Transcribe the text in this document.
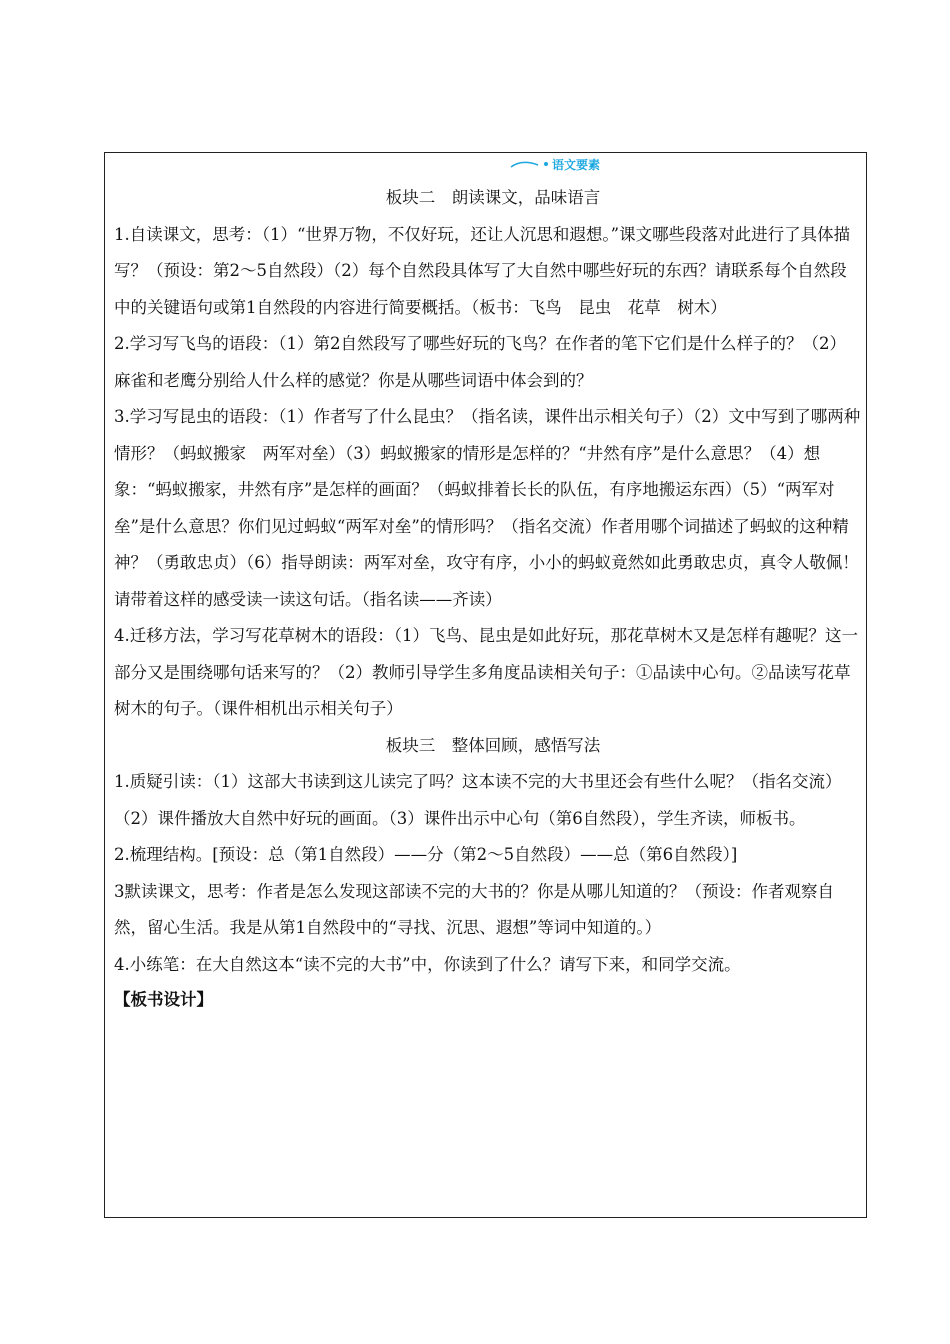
语文要素

板块二　朗读课文，品味语言

1.自读课文，思考：（1）“世界万物，不仅好玩，还让人沉思和遐想。”课文哪些段落对此进行了具体描写？（预设：第2～5自然段）（2）每个自然段具体写了大自然中哪些好玩的东西？请联系每个自然段中的关键语句或第1自然段的内容进行简要概括。（板书：飞鸟　昆虫　花草　树木）

2.学习写飞鸟的语段：（1）第2自然段写了哪些好玩的飞鸟？在作者的笔下它们是什么样子的？（2）麻雀和老鹰分别给人什么样的感觉？你是从哪些词语中体会到的？

3.学习写昆虫的语段：（1）作者写了什么昆虫？（指名读，课件出示相关句子）（2）文中写到了哪两种情形？（蚂蚁搬家　两军对垒）（3）蚂蚁搬家的情形是怎样的？“井然有序”是什么意思？（4）想象：“蚂蚁搬家，井然有序”是怎样的画面？（蚂蚁排着长长的队伍，有序地搬运东西）（5）“两军对垒”是什么意思？你们见过蚂蚁“两军对垒”的情形吗？（指名交流）作者用哪个词描述了蚂蚁的这种精神？（勇敢忠贞）（6）指导朗读：两军对垒，攻守有序，小小的蚂蚁竟然如此勇敢忠贞，真令人敬佩！请带着这样的感受读一读这句话。（指名读——齐读）

4.迁移方法，学习写花草树木的语段：（1）飞鸟、昆虫是如此好玩，那花草树木又是怎样有趣呢？这一部分又是围绕哪句话来写的？（2）教师引导学生多角度品读相关句子：①品读中心句。②品读写花草树木的句子。（课件相机出示相关句子）

板块三　整体回顾，感悟写法

1.质疑引读：（1）这部大书读到这儿读完了吗？这本读不完的大书里还会有些什么呢？（指名交流）（2）课件播放大自然中好玩的画面。（3）课件出示中心句（第6自然段），学生齐读，师板书。

2.梳理结构。[预设：总（第1自然段）——分（第2～5自然段）——总（第6自然段）]

3默读课文，思考：作者是怎么发现这部读不完的大书的？你是从哪儿知道的？（预设：作者观察自然，留心生活。我是从第1自然段中的“寻找、沉思、遐想”等词中知道的。）

4.小练笔：在大自然这本“读不完的大书”中，你读到了什么？请写下来，和同学交流。

【板书设计】
